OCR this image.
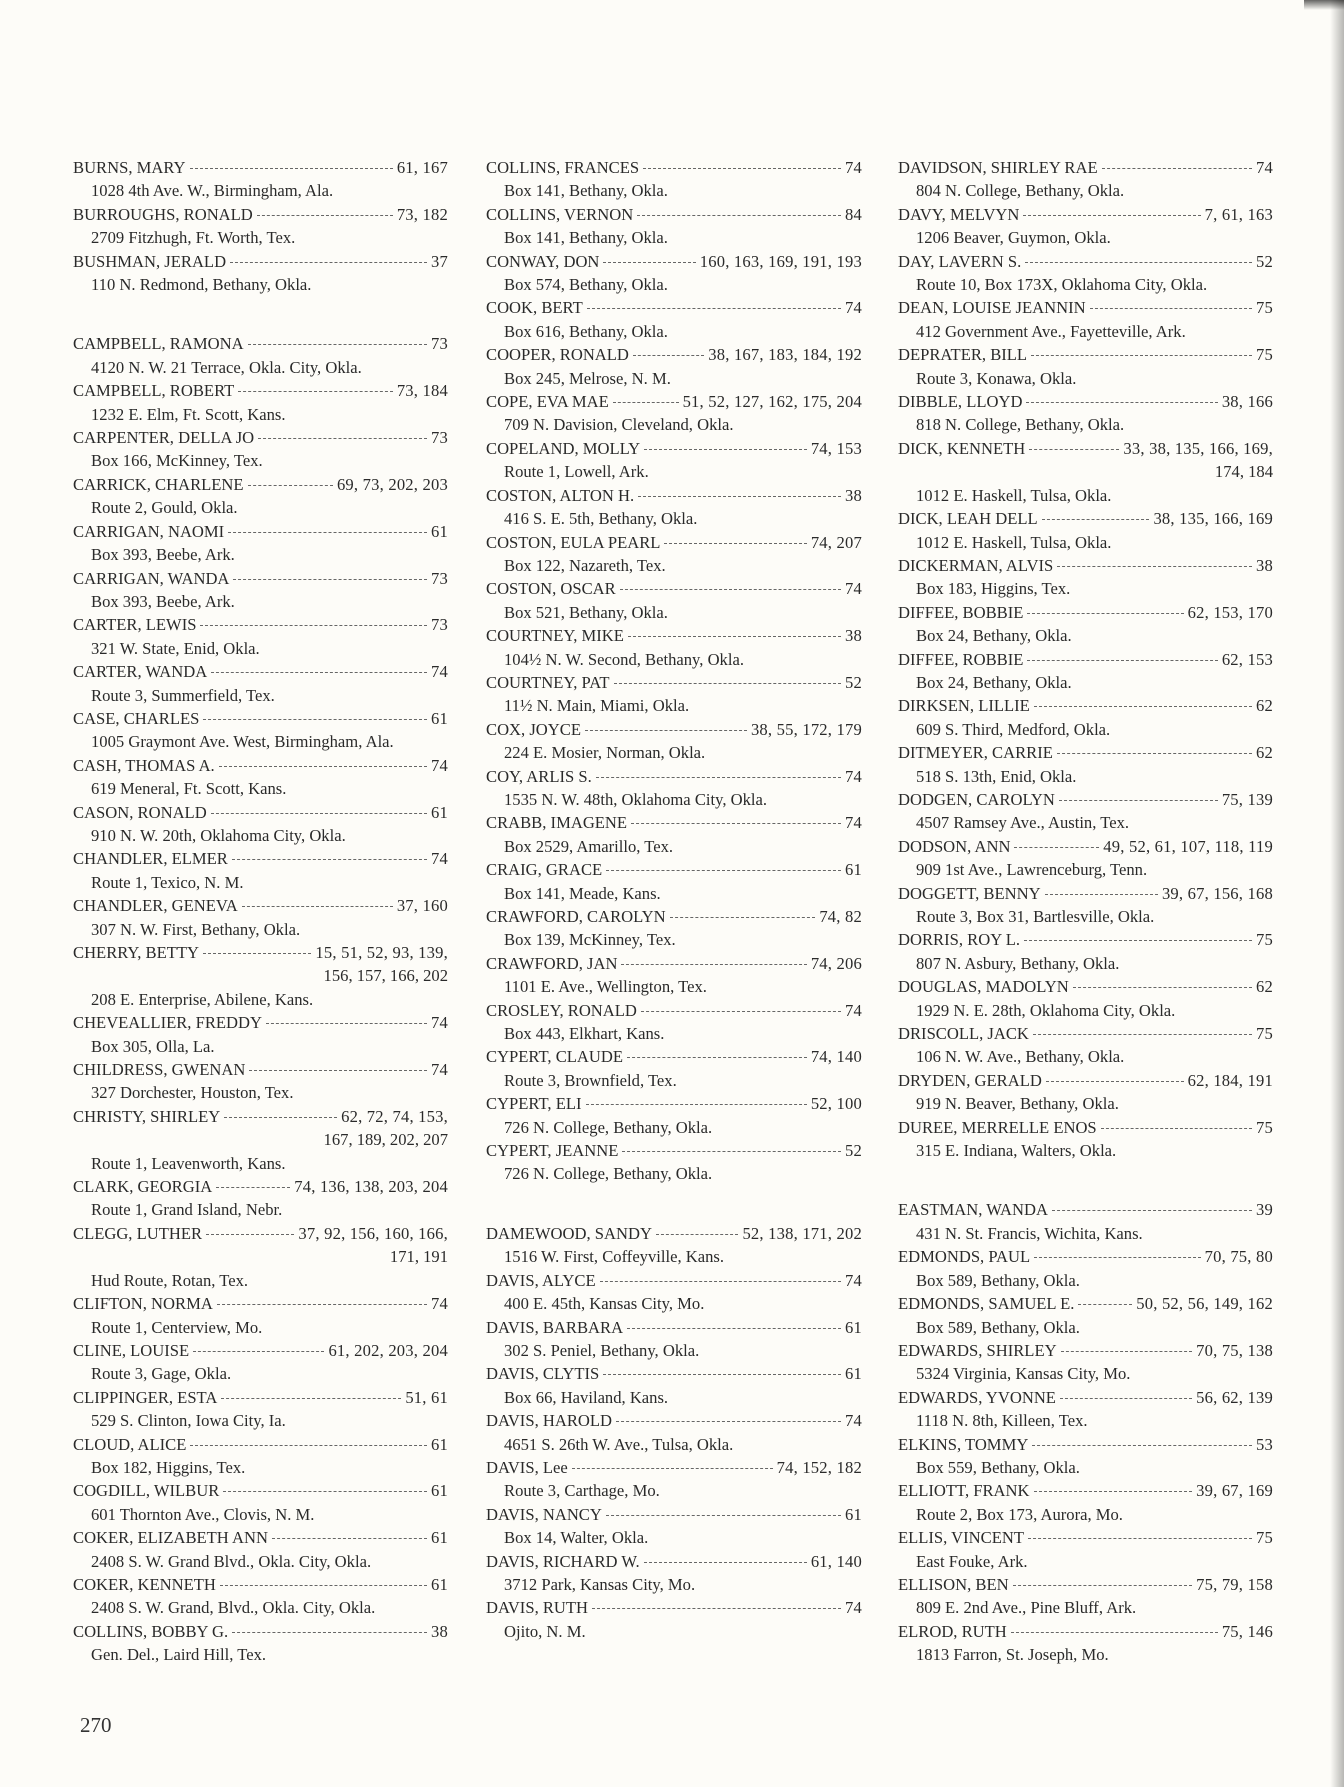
BURNS, MARY	61, 167
1028 4th Ave. W., Birmingham, Ala.
BURROUGHS, RONALD	73, 182
2709 Fitzhugh, Ft. Worth, Tex.
BUSHMAN, JERALD	37
110 N. Redmond, Bethany, Okla.
CAMPBELL, RAMONA	73
4120 N. W. 21 Terrace, Okla. City, Okla.
CAMPBELL, ROBERT	73, 184
1232 E. Elm, Ft. Scott, Kans.
CARPENTER, DELLA JO	73
Box 166, McKinney, Tex.
CARRICK, CHARLENE	69, 73, 202, 203
Route 2, Gould, Okla.
CARRIGAN, NAOMI	61
Box 393, Beebe, Ark.
CARRIGAN, WANDA	73
Box 393, Beebe, Ark.
CARTER, LEWIS	73
321 W. State, Enid, Okla.
CARTER, WANDA	74
Route 3, Summerfield, Tex.
CASE, CHARLES	61
1005 Graymont Ave. West, Birmingham, Ala.
CASH, THOMAS A.	74
619 Meneral, Ft. Scott, Kans.
CASON, RONALD	61
910 N. W. 20th, Oklahoma City, Okla.
CHANDLER, ELMER	74
Route 1, Texico, N. M.
CHANDLER, GENEVA	37, 160
307 N. W. First, Bethany, Okla.
CHERRY, BETTY	15, 51, 52, 93, 139,
156, 157, 166, 202
208 E. Enterprise, Abilene, Kans.
CHEVEALLIER, FREDDY	74
Box 305, Olla, La.
CHILDRESS, GWENAN	74
327 Dorchester, Houston, Tex.
CHRISTY, SHIRLEY	62, 72, 74, 153,
167, 189, 202, 207
Route 1, Leavenworth, Kans.
CLARK, GEORGIA	74, 136, 138, 203, 204
Route 1, Grand Island, Nebr.
CLEGG, LUTHER	37, 92, 156, 160, 166,
171, 191
Hud Route, Rotan, Tex.
CLIFTON, NORMA	74
Route 1, Centerview, Mo.
CLINE, LOUISE	61, 202, 203, 204
Route 3, Gage, Okla.
CLIPPINGER, ESTA	51, 61
529 S. Clinton, Iowa City, Ia.
CLOUD, ALICE	61
Box 182, Higgins, Tex.
COGDILL, WILBUR	61
601 Thornton Ave., Clovis, N. M.
COKER, ELIZABETH ANN	61
2408 S. W. Grand Blvd., Okla. City, Okla.
COKER, KENNETH	61
2408 S. W. Grand, Blvd., Okla. City, Okla.
COLLINS, BOBBY G.	38
Gen. Del., Laird Hill, Tex.
COLLINS, FRANCES	74
Box 141, Bethany, Okla.
COLLINS, VERNON	84
Box 141, Bethany, Okla.
CONWAY, DON	160, 163, 169, 191, 193
Box 574, Bethany, Okla.
COOK, BERT	74
Box 616, Bethany, Okla.
COOPER, RONALD	38, 167, 183, 184, 192
Box 245, Melrose, N. M.
COPE, EVA MAE	51, 52, 127, 162, 175, 204
709 N. Davision, Cleveland, Okla.
COPELAND, MOLLY	74, 153
Route 1, Lowell, Ark.
COSTON, ALTON H.	38
416 S. E. 5th, Bethany, Okla.
COSTON, EULA PEARL	74, 207
Box 122, Nazareth, Tex.
COSTON, OSCAR	74
Box 521, Bethany, Okla.
COURTNEY, MIKE	38
104½ N. W. Second, Bethany, Okla.
COURTNEY, PAT	52
11½ N. Main, Miami, Okla.
COX, JOYCE	38, 55, 172, 179
224 E. Mosier, Norman, Okla.
COY, ARLIS S.	74
1535 N. W. 48th, Oklahoma City, Okla.
CRABB, IMAGENE	74
Box 2529, Amarillo, Tex.
CRAIG, GRACE	61
Box 141, Meade, Kans.
CRAWFORD, CAROLYN	74, 82
Box 139, McKinney, Tex.
CRAWFORD, JAN	74, 206
1101 E. Ave., Wellington, Tex.
CROSLEY, RONALD	74
Box 443, Elkhart, Kans.
CYPERT, CLAUDE	74, 140
Route 3, Brownfield, Tex.
CYPERT, ELI	52, 100
726 N. College, Bethany, Okla.
CYPERT, JEANNE	52
726 N. College, Bethany, Okla.
DAMEWOOD, SANDY	52, 138, 171, 202
1516 W. First, Coffeyville, Kans.
DAVIS, ALYCE	74
400 E. 45th, Kansas City, Mo.
DAVIS, BARBARA	61
302 S. Peniel, Bethany, Okla.
DAVIS, CLYTIS	61
Box 66, Haviland, Kans.
DAVIS, HAROLD	74
4651 S. 26th W. Ave., Tulsa, Okla.
DAVIS, Lee	74, 152, 182
Route 3, Carthage, Mo.
DAVIS, NANCY	61
Box 14, Walter, Okla.
DAVIS, RICHARD W.	61, 140
3712 Park, Kansas City, Mo.
DAVIS, RUTH	74
Ojito, N. M.
DAVIDSON, SHIRLEY RAE	74
804 N. College, Bethany, Okla.
DAVY, MELVYN	7, 61, 163
1206 Beaver, Guymon, Okla.
DAY, LAVERN S.	52
Route 10, Box 173X, Oklahoma City, Okla.
DEAN, LOUISE JEANNIN	75
412 Government Ave., Fayetteville, Ark.
DEPRATER, BILL	75
Route 3, Konawa, Okla.
DIBBLE, LLOYD	38, 166
818 N. College, Bethany, Okla.
DICK, KENNETH	33, 38, 135, 166, 169,
174, 184
1012 E. Haskell, Tulsa, Okla.
DICK, LEAH DELL	38, 135, 166, 169
1012 E. Haskell, Tulsa, Okla.
DICKERMAN, ALVIS	38
Box 183, Higgins, Tex.
DIFFEE, BOBBIE	62, 153, 170
Box 24, Bethany, Okla.
DIFFEE, ROBBIE	62, 153
Box 24, Bethany, Okla.
DIRKSEN, LILLIE	62
609 S. Third, Medford, Okla.
DITMEYER, CARRIE	62
518 S. 13th, Enid, Okla.
DODGEN, CAROLYN	75, 139
4507 Ramsey Ave., Austin, Tex.
DODSON, ANN	49, 52, 61, 107, 118, 119
909 1st Ave., Lawrenceburg, Tenn.
DOGGETT, BENNY	39, 67, 156, 168
Route 3, Box 31, Bartlesville, Okla.
DORRIS, ROY L.	75
807 N. Asbury, Bethany, Okla.
DOUGLAS, MADOLYN	62
1929 N. E. 28th, Oklahoma City, Okla.
DRISCOLL, JACK	75
106 N. W. Ave., Bethany, Okla.
DRYDEN, GERALD	62, 184, 191
919 N. Beaver, Bethany, Okla.
DUREE, MERRELLE ENOS	75
315 E. Indiana, Walters, Okla.
EASTMAN, WANDA	39
431 N. St. Francis, Wichita, Kans.
EDMONDS, PAUL	70, 75, 80
Box 589, Bethany, Okla.
EDMONDS, SAMUEL E.	50, 52, 56, 149, 162
Box 589, Bethany, Okla.
EDWARDS, SHIRLEY	70, 75, 138
5324 Virginia, Kansas City, Mo.
EDWARDS, YVONNE	56, 62, 139
1118 N. 8th, Killeen, Tex.
ELKINS, TOMMY	53
Box 559, Bethany, Okla.
ELLIOTT, FRANK	39, 67, 169
Route 2, Box 173, Aurora, Mo.
ELLIS, VINCENT	75
East Fouke, Ark.
ELLISON, BEN	75, 79, 158
809 E. 2nd Ave., Pine Bluff, Ark.
ELROD, RUTH	75, 146
1813 Farron, St. Joseph, Mo.
270
